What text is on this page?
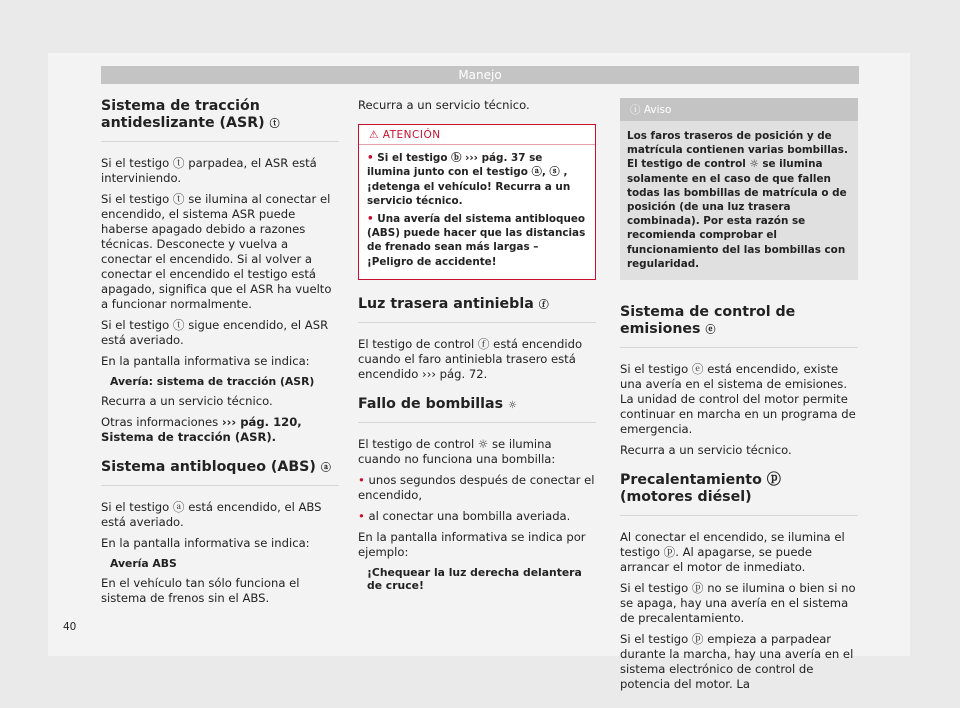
Manejo
Sistema de tracción antideslizante (ASR) ⓣ

Si el testigo ⓣ parpadea, el ASR está interviniendo.

Si el testigo ⓣ se ilumina al conectar el encendido, el sistema ASR puede haberse apagado debido a razones técnicas. Desconecte y vuelva a conectar el encendido. Si al volver a conectar el encendido el testigo está apagado, significa que el ASR ha vuelto a funcionar normalmente.

Si el testigo ⓣ sigue encendido, el ASR está averiado.

En la pantalla informativa se indica:

Avería: sistema de tracción (ASR)

Recurra a un servicio técnico.

Otras informaciones ››› pág. 120, Sistema de tracción (ASR).

Sistema antibloqueo (ABS) ⓐ

Si el testigo ⓐ está encendido, el ABS está averiado.

En la pantalla informativa se indica:

Avería ABS

En el vehículo tan sólo funciona el sistema de frenos sin el ABS.

Recurra a un servicio técnico.

⚠ ATENCIÓN
• Si el testigo ⓑ ››› pág. 37 se ilumina junto con el testigo ⓐ, ⓢ , ¡detenga el vehículo! Recurra a un servicio técnico.
• Una avería del sistema antibloqueo (ABS) puede hacer que las distancias de frenado sean más largas – ¡Peligro de accidente!
Luz trasera antiniebla ⓕ

El testigo de control ⓕ está encendido cuando el faro antiniebla trasero está encendido ››› pág. 72.

Fallo de bombillas ☼

El testigo de control ☼ se ilumina cuando no funciona una bombilla:

• unos segundos después de conectar el encendido,

• al conectar una bombilla averiada.

En la pantalla informativa se indica por ejemplo:

¡Chequear la luz derecha delantera de cruce!
ⓘ Aviso
Los faros traseros de posición y de matrícula contienen varias bombillas. El testigo de control ☼ se ilumina solamente en el caso de que fallen todas las bombillas de matrícula o de posición (de una luz trasera combinada). Por esta razón se recomienda comprobar el funcionamiento del las bombillas con regularidad.
Sistema de control de emisiones ⓔ

Si el testigo ⓔ está encendido, existe una avería en el sistema de emisiones. La unidad de control del motor permite continuar en marcha en un programa de emergencia.

Recurra a un servicio técnico.

Precalentamiento ⓟ (motores diésel)

Al conectar el encendido, se ilumina el testigo ⓟ. Al apagarse, se puede arrancar el motor de inmediato.

Si el testigo ⓟ no se ilumina o bien si no se apaga, hay una avería en el sistema de precalentamiento.

Si el testigo ⓟ empieza a parpadear durante la marcha, hay una avería en el sistema electrónico de control de potencia del motor. La

40
